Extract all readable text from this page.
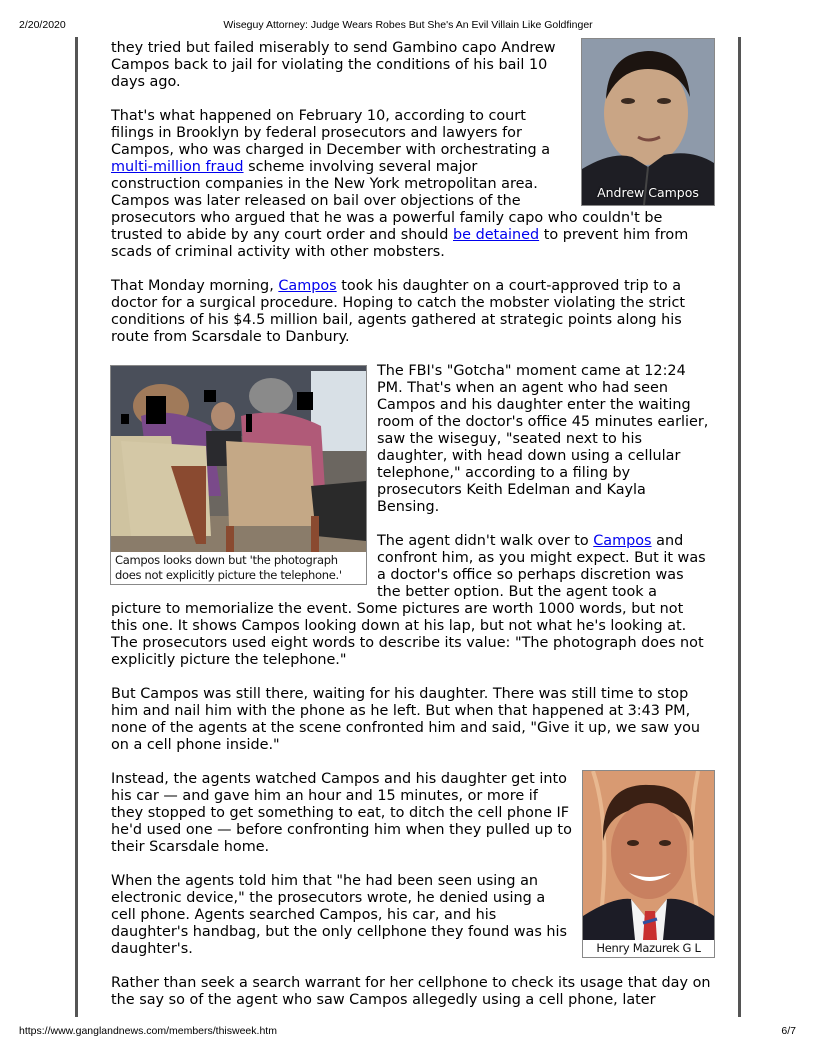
2/20/2020	Wiseguy Attorney: Judge Wears Robes But She's An Evil Villain Like Goldfinger
Andrew Campos

they tried but failed miserably to send Gambino capo Andrew Campos back to jail for violating the conditions of his bail 10 days ago.

That's what happened on February 10, according to court filings in Brooklyn by federal prosecutors and lawyers for Campos, who was charged in December with orchestrating a multi-million fraud scheme involving several major construction companies in the New York metropolitan area. Campos was later released on bail over objections of the prosecutors who argued that he was a powerful family capo who couldn't be trusted to abide by any court order and should be detained to prevent him from scads of criminal activity with other mobsters.

That Monday morning, Campos took his daughter on a court-approved trip to a doctor for a surgical procedure. Hoping to catch the mobster violating the strict conditions of his $4.5 million bail, agents gathered at strategic points along his route from Scarsdale to Danbury.

Campos looks down but 'the photograph does not explicitly picture the telephone.'

The FBI's "Gotcha" moment came at 12:24 PM. That's when an agent who had seen Campos and his daughter enter the waiting room of the doctor's office 45 minutes earlier, saw the wiseguy, "seated next to his daughter, with head down using a cellular telephone," according to a filing by prosecutors Keith Edelman and Kayla Bensing.

The agent didn't walk over to Campos and confront him, as you might expect. But it was a doctor's office so perhaps discretion was the better option. But the agent took a picture to memorialize the event. Some pictures are worth 1000 words, but not this one. It shows Campos looking down at his lap, but not what he's looking at. The prosecutors used eight words to describe its value: "The photograph does not explicitly picture the telephone."

But Campos was still there, waiting for his daughter. There was still time to stop him and nail him with the phone as he left. But when that happened at 3:43 PM, none of the agents at the scene confronted him and said, "Give it up, we saw you on a cell phone inside."

Henry Mazurek G L

Instead, the agents watched Campos and his daughter get into his car — and gave him an hour and 15 minutes, or more if they stopped to get something to eat, to ditch the cell phone IF he'd used one — before confronting him when they pulled up to their Scarsdale home.

When the agents told him that "he had been seen using an electronic device," the prosecutors wrote, he denied using a cell phone. Agents searched Campos, his car, and his daughter's handbag, but the only cellphone they found was his daughter's.

Rather than seek a search warrant for her cellphone to check its usage that day on the say so of the agent who saw Campos allegedly using a cell phone, later

https://www.ganglandnews.com/members/thisweek.htm	6/7
